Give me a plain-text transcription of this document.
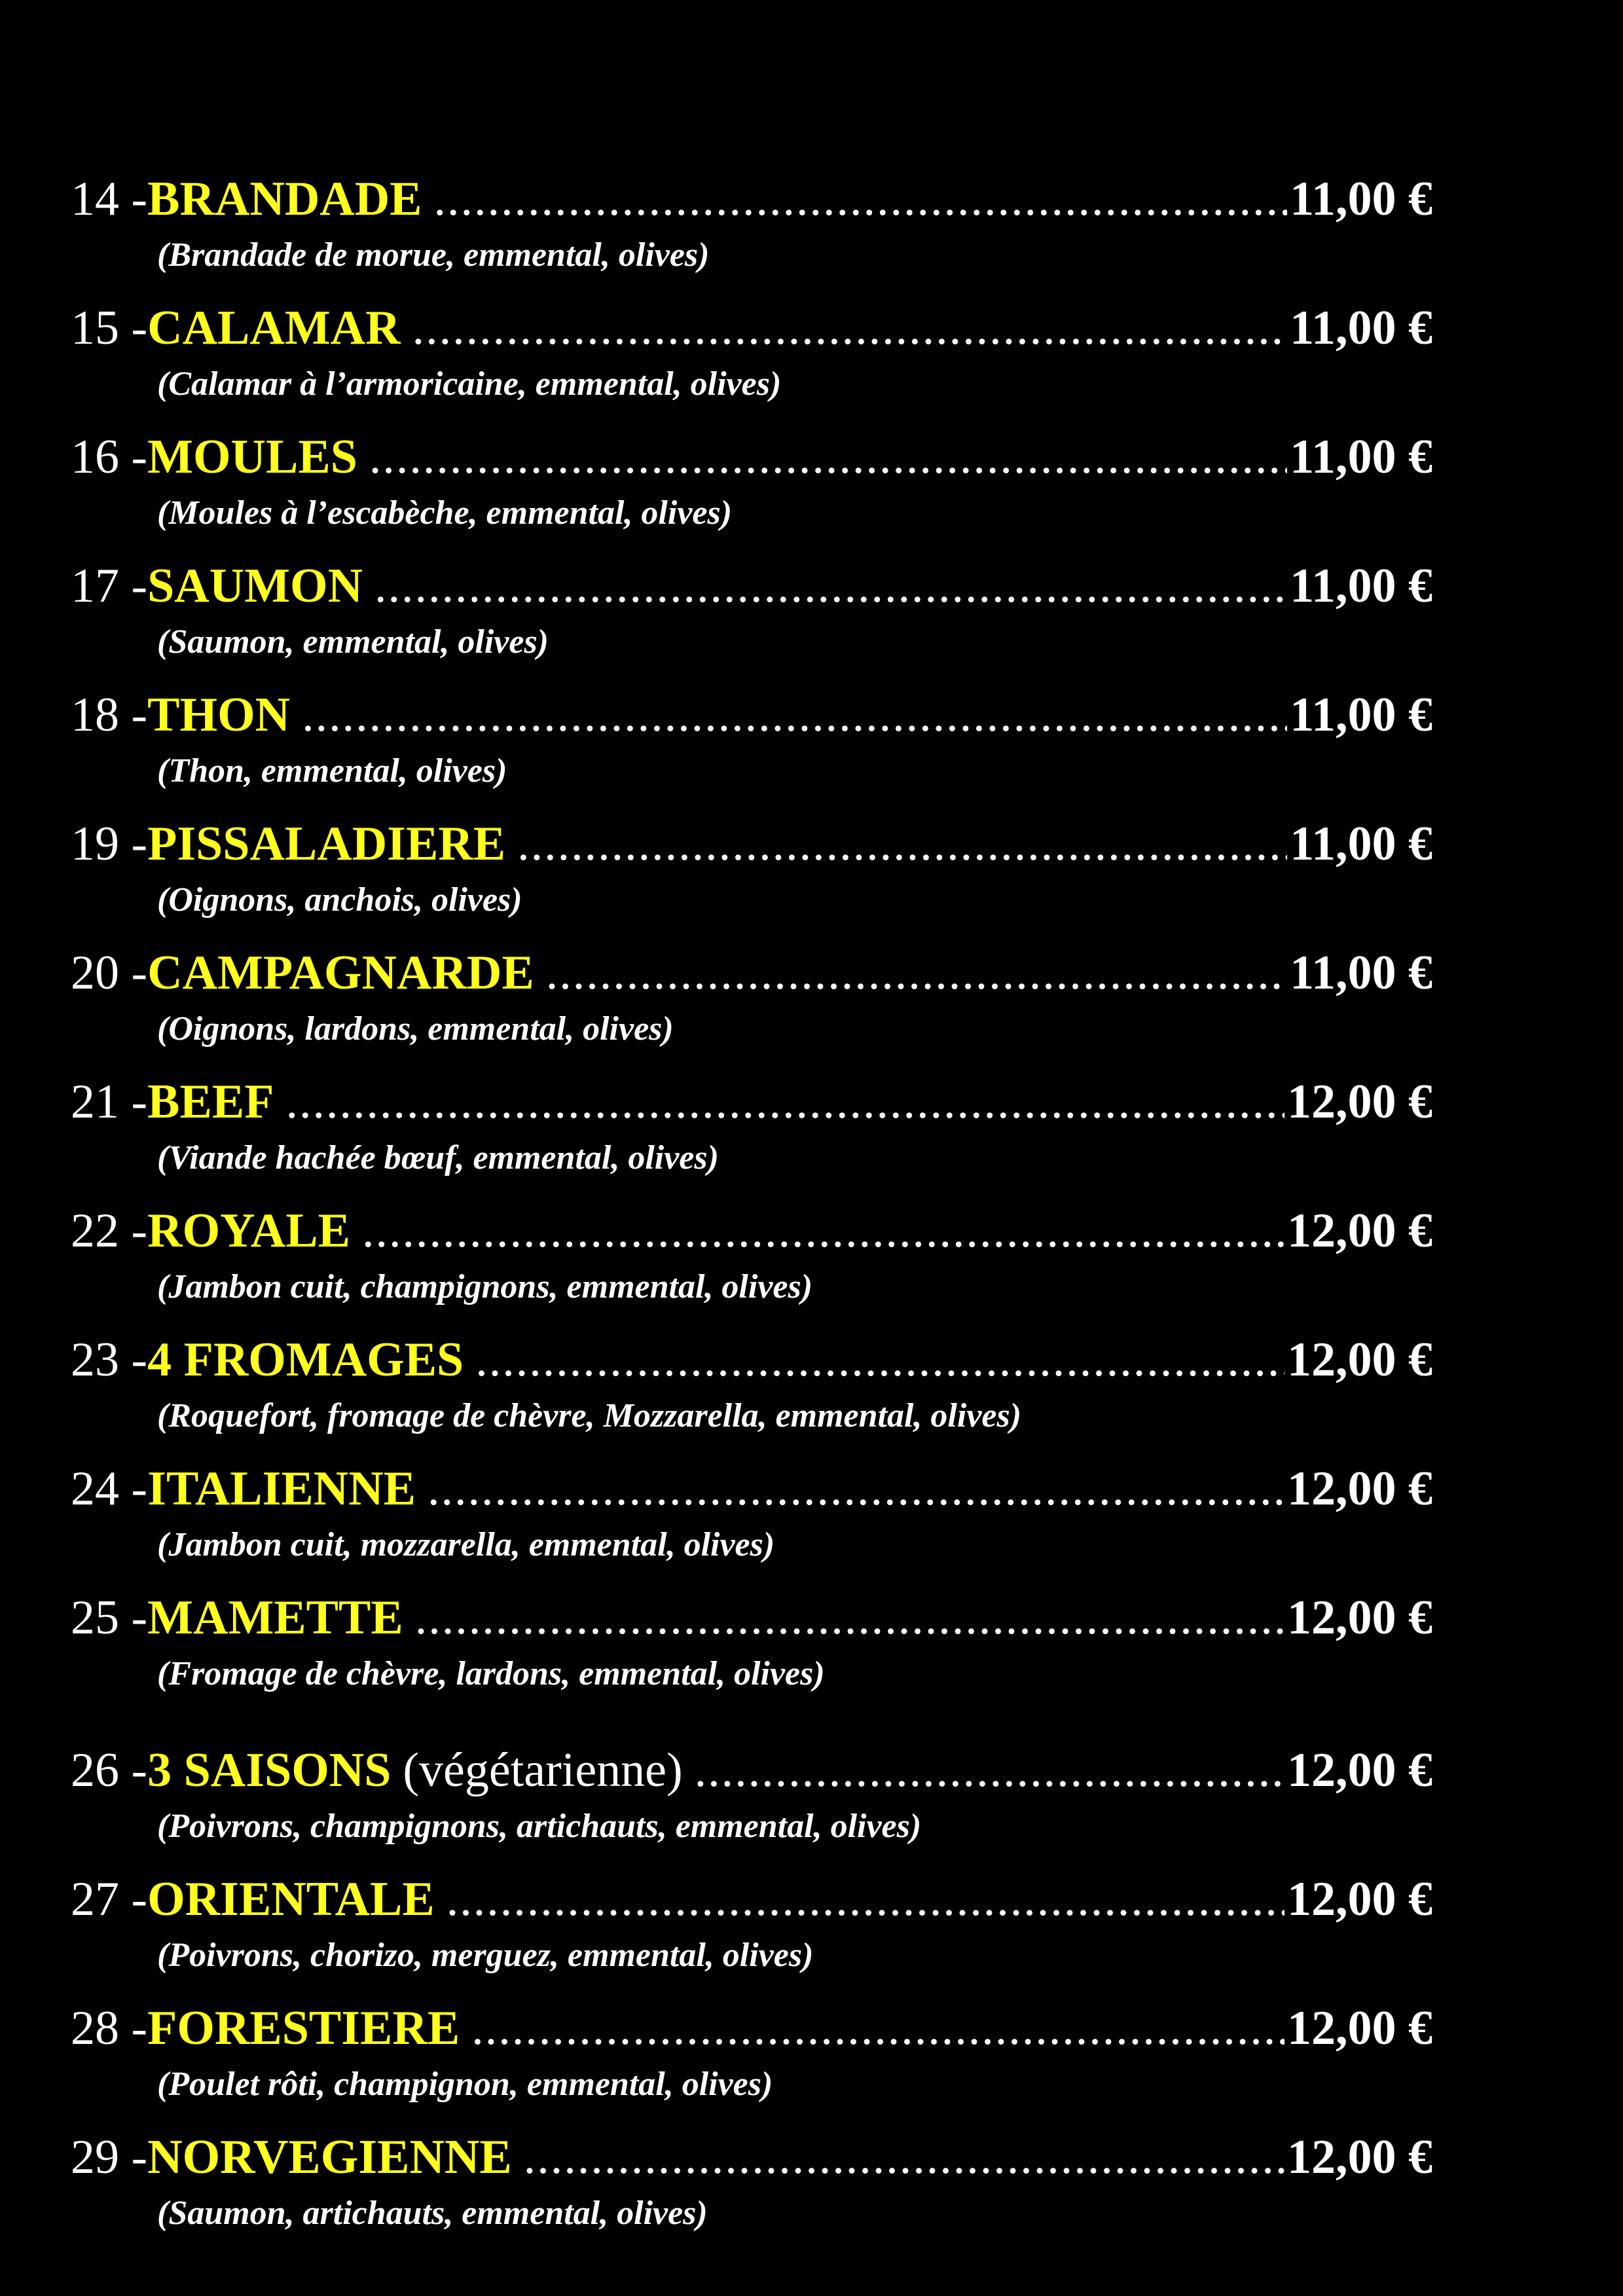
14 - BRANDADE .....	11,00 €
(Brandade de morue, emmental, olives)
15 - CALAMAR .....	11,00 €
(Calamar à l’armoricaine, emmental, olives)
16 - MOULES .....	11,00 €
(Moules à l’escabèche, emmental, olives)
17 - SAUMON .....	11,00 €
(Saumon, emmental, olives)
18 - THON .....	11,00 €
(Thon, emmental, olives)
19 - PISSALADIERE .....	11,00 €
(Oignons, anchois, olives)
20 - CAMPAGNARDE .....	11,00 €
(Oignons, lardons, emmental, olives)
21 - BEEF .....	12,00 €
(Viande hachée bœuf, emmental, olives)
22 - ROYALE .....	12,00 €
(Jambon cuit, champignons, emmental, olives)
23 - 4 FROMAGES .....	12,00 €
(Roquefort, fromage de chèvre, Mozzarella, emmental, olives)
24 - ITALIENNE .....	12,00 €
(Jambon cuit, mozzarella, emmental, olives)
25 - MAMETTE .....	12,00 €
(Fromage de chèvre, lardons, emmental, olives)
26 - 3 SAISONS (végétarienne) .....	12,00 €
(Poivrons, champignons, artichauts, emmental, olives)
27 - ORIENTALE .....	12,00 €
(Poivrons, chorizo, merguez, emmental, olives)
28 - FORESTIERE .....	12,00 €
(Poulet rôti, champignon, emmental, olives)
29 - NORVEGIENNE .....	12,00 €
(Saumon, artichauts, emmental, olives)
